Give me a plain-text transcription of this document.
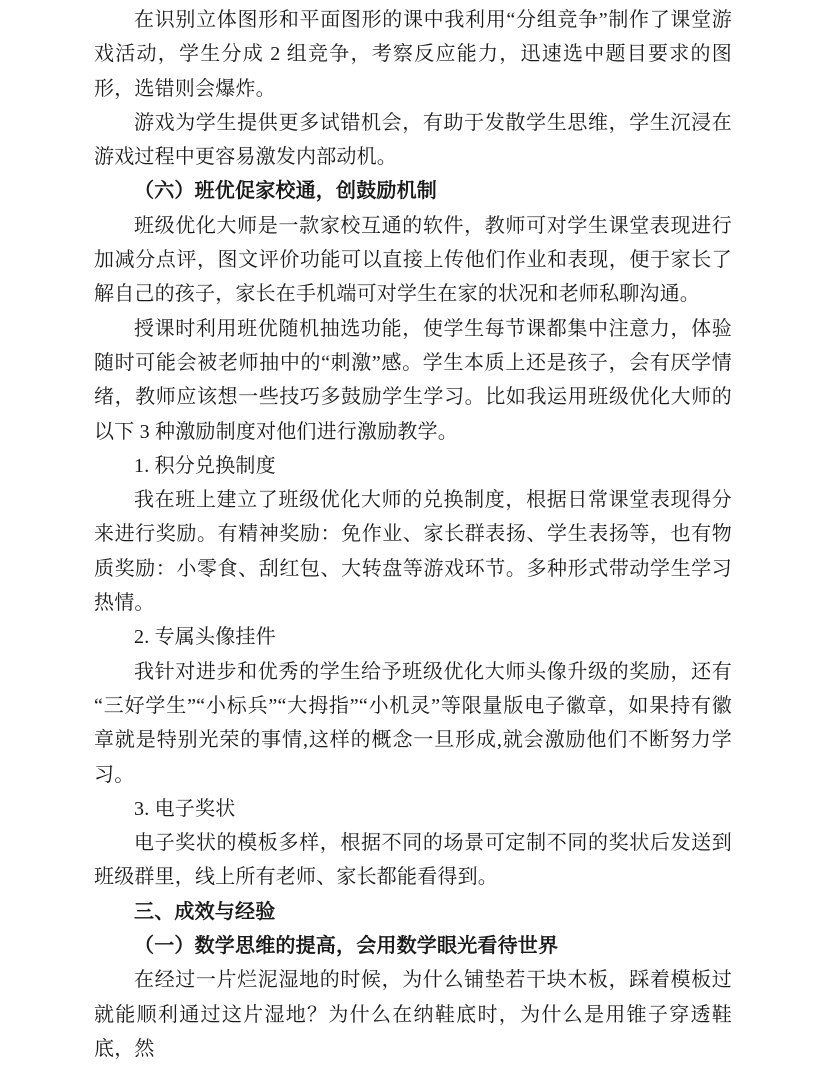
在识别立体图形和平面图形的课中我利用“分组竞争”制作了课堂游戏活动，学生分成 2 组竞争，考察反应能力，迅速选中题目要求的图形，选错则会爆炸。

游戏为学生提供更多试错机会，有助于发散学生思维，学生沉浸在游戏过程中更容易激发内部动机。

（六）班优促家校通，创鼓励机制

班级优化大师是一款家校互通的软件，教师可对学生课堂表现进行加减分点评，图文评价功能可以直接上传他们作业和表现，便于家长了解自己的孩子，家长在手机端可对学生在家的状况和老师私聊沟通。

授课时利用班优随机抽选功能，使学生每节课都集中注意力，体验随时可能会被老师抽中的“刺激”感。学生本质上还是孩子，会有厌学情绪，教师应该想一些技巧多鼓励学生学习。比如我运用班级优化大师的以下 3 种激励制度对他们进行激励教学。

1. 积分兑换制度

我在班上建立了班级优化大师的兑换制度，根据日常课堂表现得分来进行奖励。有精神奖励：免作业、家长群表扬、学生表扬等，也有物质奖励：小零食、刮红包、大转盘等游戏环节。多种形式带动学生学习热情。

2. 专属头像挂件

我针对进步和优秀的学生给予班级优化大师头像升级的奖励，还有“三好学生”“小标兵”“大拇指”“小机灵”等限量版电子徽章，如果持有徽章就是特别光荣的事情,这样的概念一旦形成,就会激励他们不断努力学习。

3. 电子奖状

电子奖状的模板多样，根据不同的场景可定制不同的奖状后发送到班级群里，线上所有老师、家长都能看得到。

三、成效与经验

（一）数学思维的提高，会用数学眼光看待世界

在经过一片烂泥湿地的时候，为什么铺垫若干块木板，踩着模板过就能顺利通过这片湿地？为什么在纳鞋底时，为什么是用锥子穿透鞋底，然
